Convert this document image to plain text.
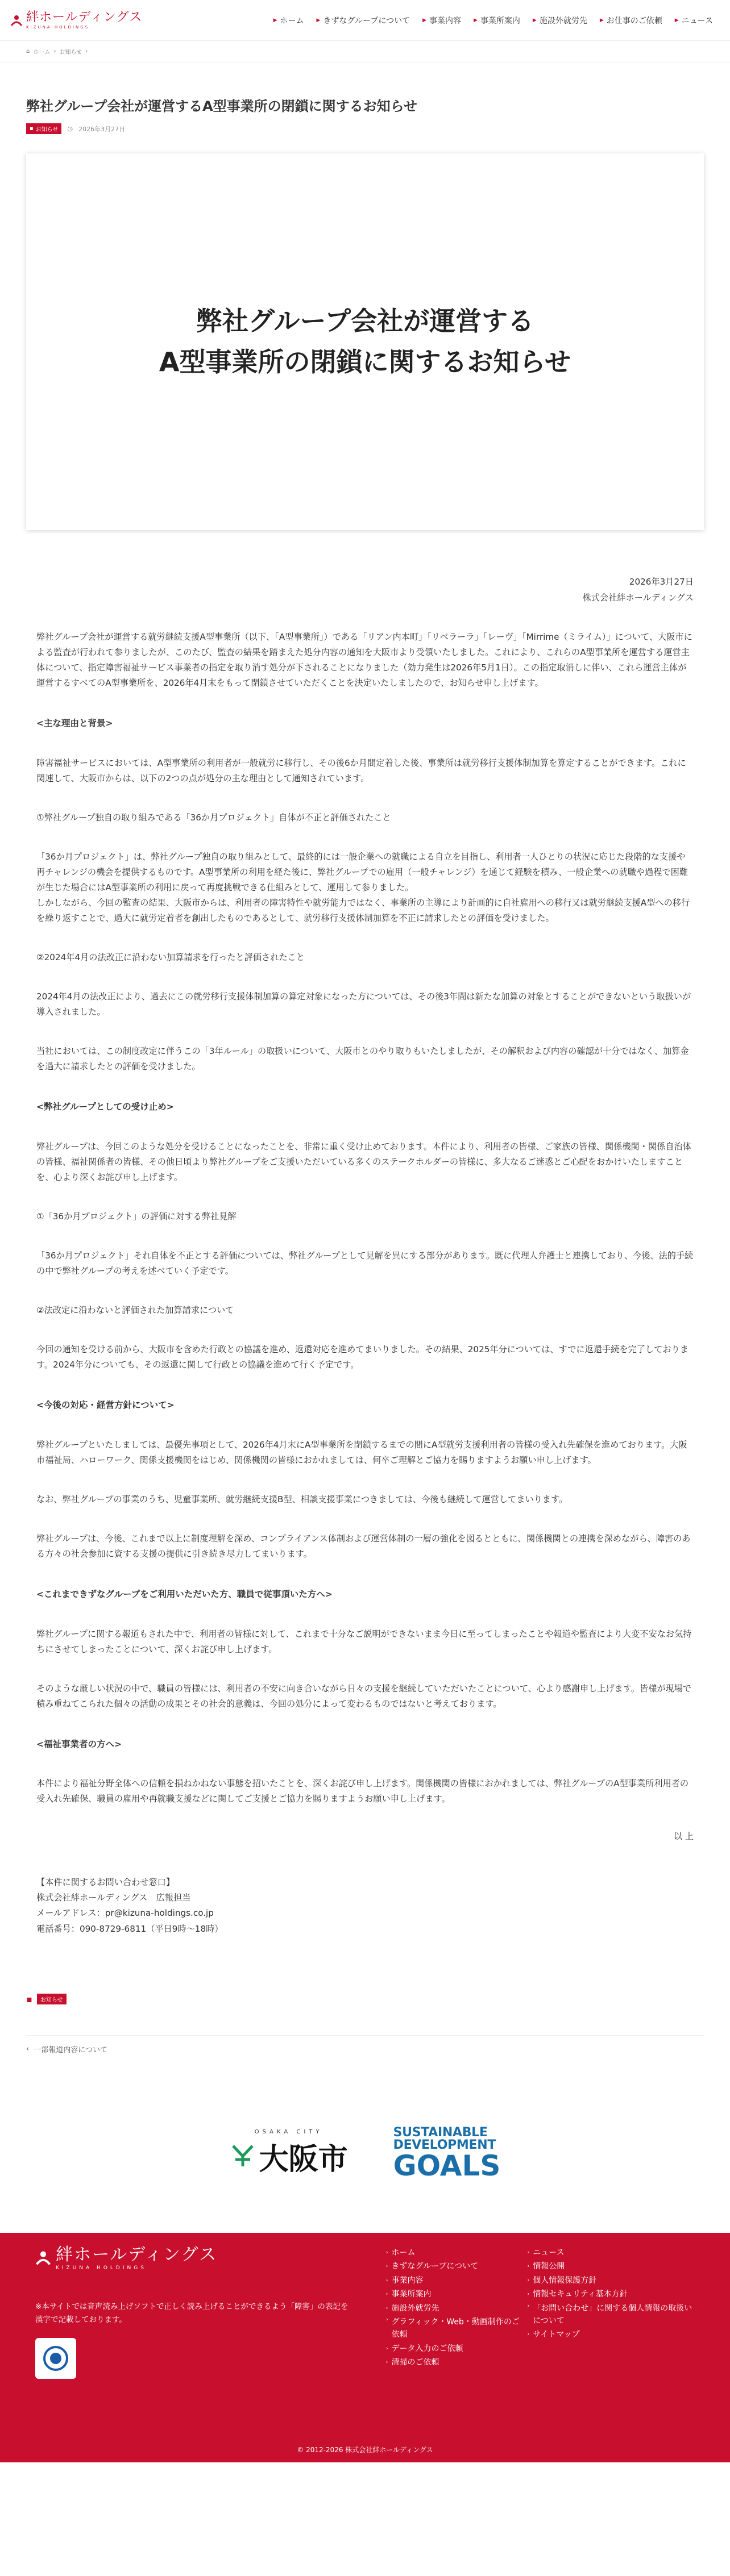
絆ホールディングス
KIZUNA HOLDINGS
▶ ホーム ▶ きずなグループについて ▶ 事業内容 ▶ 事業所案内 ▶ 施設外就労先 ▶ お仕事のご依頼 ▶ ニュース
⌂ ホーム › お知らせ ›
弊社グループ会社が運営するA型事業所の閉鎖に関するお知らせ
▪ お知らせ ◷ 2026年3月27日
弊社グループ会社が運営する
A型事業所の閉鎖に関するお知らせ
2026年3月27日
株式会社絆ホールディングス

弊社グループ会社が運営する就労継続支援A型事業所（以下、「A型事業所」）である「リアン内本町」「リベラーラ」「レーヴ」「Mirrime（ミライム）」について、大阪市による監査が行われて参りましたが、このたび、監査の結果を踏まえた処分内容の通知を大阪市より受領いたしました。これにより、これらのA型事業所を運営する運営主体について、指定障害福祉サービス事業者の指定を取り消す処分が下されることになりました（効力発生は2026年5月1日）。この指定取消しに伴い、これら運営主体が運営するすべてのA型事業所を、2026年4月末をもって閉鎖させていただくことを決定いたしましたので、お知らせ申し上げます。

<主な理由と背景>

障害福祉サービスにおいては、A型事業所の利用者が一般就労に移行し、その後6か月間定着した後、事業所は就労移行支援体制加算を算定することができます。これに関連して、大阪市からは、以下の2つの点が処分の主な理由として通知されています。

①弊社グループ独自の取り組みである「36か月プロジェクト」自体が不正と評価されたこと

「36か月プロジェクト」は、弊社グループ独自の取り組みとして、最終的には一般企業への就職による自立を目指し、利用者一人ひとりの状況に応じた段階的な支援や再チャレンジの機会を提供するものです。A型事業所の利用を経た後に、弊社グループでの雇用（一般チャレンジ）を通じて経験を積み、一般企業への就職や過程で困難が生じた場合にはA型事業所の利用に戻って再度挑戦できる仕組みとして、運用して参りました。

しかしながら、今回の監査の結果、大阪市からは、利用者の障害特性や就労能力ではなく、事業所の主導により計画的に自社雇用への移行又は就労継続支援A型への移行を繰り返すことで、過大に就労定着者を創出したものであるとして、就労移行支援体制加算を不正に請求したとの評価を受けました。

②2024年4月の法改正に沿わない加算請求を行ったと評価されたこと

2024年4月の法改正により、過去にこの就労移行支援体制加算の算定対象になった方については、その後3年間は新たな加算の対象とすることができないという取扱いが導入されました。

当社においては、この制度改定に伴うこの「3年ルール」の取扱いについて、大阪市とのやり取りもいたしましたが、その解釈および内容の確認が十分ではなく、加算金を過大に請求したとの評価を受けました。

<弊社グループとしての受け止め>

弊社グループは、今回このような処分を受けることになったことを、非常に重く受け止めております。本件により、利用者の皆様、ご家族の皆様、関係機関・関係自治体の皆様、福祉関係者の皆様、その他日頃より弊社グループをご支援いただいている多くのステークホルダーの皆様に、多大なるご迷惑とご心配をおかけいたしますことを、心より深くお詫び申し上げます。

①「36か月プロジェクト」の評価に対する弊社見解

「36か月プロジェクト」それ自体を不正とする評価については、弊社グループとして見解を異にする部分があります。既に代理人弁護士と連携しており、今後、法的手続の中で弊社グループの考えを述べていく予定です。

②法改定に沿わないと評価された加算請求について

今回の通知を受ける前から、大阪市を含めた行政との協議を進め、返還対応を進めてまいりました。その結果、2025年分については、すでに返還手続を完了しております。2024年分についても、その返還に関して行政との協議を進めて行く予定です。

<今後の対応・経営方針について>

弊社グループといたしましては、最優先事項として、2026年4月末にA型事業所を閉鎖するまでの間にA型就労支援利用者の皆様の受入れ先確保を進めております。大阪市福祉局、ハローワーク、関係支援機関をはじめ、関係機関の皆様におかれましては、何卒ご理解とご協力を賜りますようお願い申し上げます。

なお、弊社グループの事業のうち、児童事業所、就労継続支援B型、相談支援事業につきましては、今後も継続して運営してまいります。

弊社グループは、今後、これまで以上に制度理解を深め、コンプライアンス体制および運営体制の一層の強化を図るとともに、関係機関との連携を深めながら、障害のある方々の社会参加に資する支援の提供に引き続き尽力してまいります。

<これまできずなグループをご利用いただいた方、職員で従事頂いた方へ>

弊社グループに関する報道もされた中で、利用者の皆様に対して、これまで十分なご説明ができないまま今日に至ってしまったことや報道や監査により大変不安なお気持ちにさせてしまったことについて、深くお詫び申し上げます。

そのような厳しい状況の中で、職員の皆様には、利用者の不安に向き合いながら日々の支援を継続していただいたことについて、心より感謝申し上げます。皆様が現場で積み重ねてこられた個々の活動の成果とその社会的意義は、今回の処分によって変わるものではないと考えております。

<福祉事業者の方へ>

本件により福祉分野全体への信頼を損ねかねない事態を招いたことを、深くお詫び申し上げます。関係機関の皆様におかれましては、弊社グループのA型事業所利用者の受入れ先確保、職員の雇用や再就職支援などに関してご支援とご協力を賜りますようお願い申し上げます。

以 上
【本件に関するお問い合わせ窓口】
株式会社絆ホールディングス　広報担当
メールアドレス：pr@kizuna-holdings.co.jp
電話番号：090-8729-6811（平日9時〜18時）
▪	お知らせ
‹ 一部報道内容について
OSAKA CITY
大阪市
SUSTAINABLE
DEVELOPMENT
GOALS
絆ホールディングス
KIZUNA HOLDINGS
※本サイトでは音声読み上げソフトで正しく読み上げることができるよう「障害」の表記を漢字で記載しております。
› ホーム
› きずなグループについて
› 事業内容
› 事業所案内
› 施設外就労先
› グラフィック・Web・動画制作のご依頼
› データ入力のご依頼
› 清掃のご依頼
› ニュース
› 情報公開
› 個人情報保護方針
› 情報セキュリティ基本方針
› 「お問い合わせ」に関する個人情報の取扱いについて
› サイトマップ
© 2012-2026 株式会社絆ホールディングス
